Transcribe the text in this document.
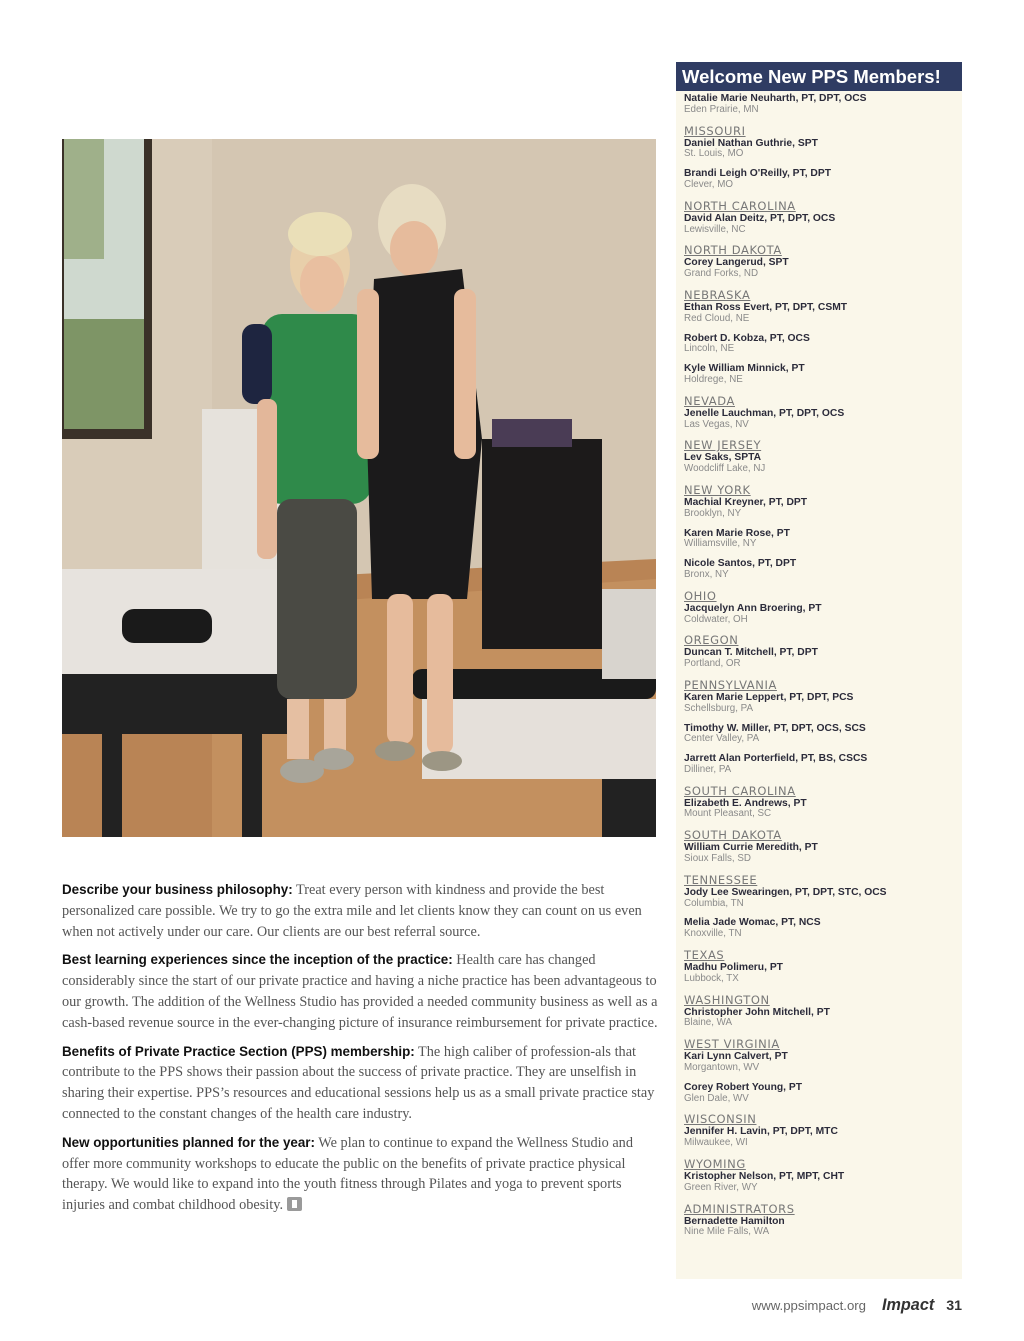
Describe your business philosophy: Treat every person with kindness and provide the best personalized care possible. We try to go the extra mile and let clients know they can count on us even when not actively under our care. Our clients are our best referral source.

Best learning experiences since the inception of the practice: Health care has changed considerably since the start of our private practice and having a niche practice has been advantageous to our growth. The addition of the Wellness Studio has provided a needed community business as well as a cash-based revenue source in the ever-changing picture of insurance reimbursement for private practice.

Benefits of Private Practice Section (PPS) membership: The high caliber of profession-als that contribute to the PPS shows their passion about the success of private practice. They are unselfish in sharing their expertise. PPS’s resources and educational sessions help us as a small private practice stay connected to the constant changes of the health care industry.

New opportunities planned for the year: We plan to continue to expand the Wellness Studio and offer more community workshops to educate the public on the benefits of private practice physical therapy. We would like to expand into the youth fitness through Pilates and yoga to prevent sports injuries and combat childhood obesity.

Welcome New PPS Members!
Natalie Marie Neuharth, PT, DPT, OCS
Eden Prairie, MN
MISSOURI
Daniel Nathan Guthrie, SPT
St. Louis, MO
Brandi Leigh O'Reilly, PT, DPT
Clever, MO
NORTH CAROLINA
David Alan Deitz, PT, DPT, OCS
Lewisville, NC
NORTH DAKOTA
Corey Langerud, SPT
Grand Forks, ND
NEBRASKA
Ethan Ross Evert, PT, DPT, CSMT
Red Cloud, NE
Robert D. Kobza, PT, OCS
Lincoln, NE
Kyle William Minnick, PT
Holdrege, NE
NEVADA
Jenelle Lauchman, PT, DPT, OCS
Las Vegas, NV
NEW JERSEY
Lev Saks, SPTA
Woodcliff Lake, NJ
NEW YORK
Machial Kreyner, PT, DPT
Brooklyn, NY
Karen Marie Rose, PT
Williamsville, NY
Nicole Santos, PT, DPT
Bronx, NY
OHIO
Jacquelyn Ann Broering, PT
Coldwater, OH
OREGON
Duncan T. Mitchell, PT, DPT
Portland, OR
PENNSYLVANIA
Karen Marie Leppert, PT, DPT, PCS
Schellsburg, PA
Timothy W. Miller, PT, DPT, OCS, SCS
Center Valley, PA
Jarrett Alan Porterfield, PT, BS, CSCS
Dilliner, PA
SOUTH CAROLINA
Elizabeth E. Andrews, PT
Mount Pleasant, SC
SOUTH DAKOTA
William Currie Meredith, PT
Sioux Falls, SD
TENNESSEE
Jody Lee Swearingen, PT, DPT, STC, OCS
Columbia, TN
Melia Jade Womac, PT, NCS
Knoxville, TN
TEXAS
Madhu Polimeru, PT
Lubbock, TX
WASHINGTON
Christopher John Mitchell, PT
Blaine, WA
WEST VIRGINIA
Kari Lynn Calvert, PT
Morgantown, WV
Corey Robert Young, PT
Glen Dale, WV
WISCONSIN
Jennifer H. Lavin, PT, DPT, MTC
Milwaukee, WI
WYOMING
Kristopher Nelson, PT, MPT, CHT
Green River, WY
ADMINISTRATORS
Bernadette Hamilton
Nine Mile Falls, WA
www.ppsimpact.org Impact 31
